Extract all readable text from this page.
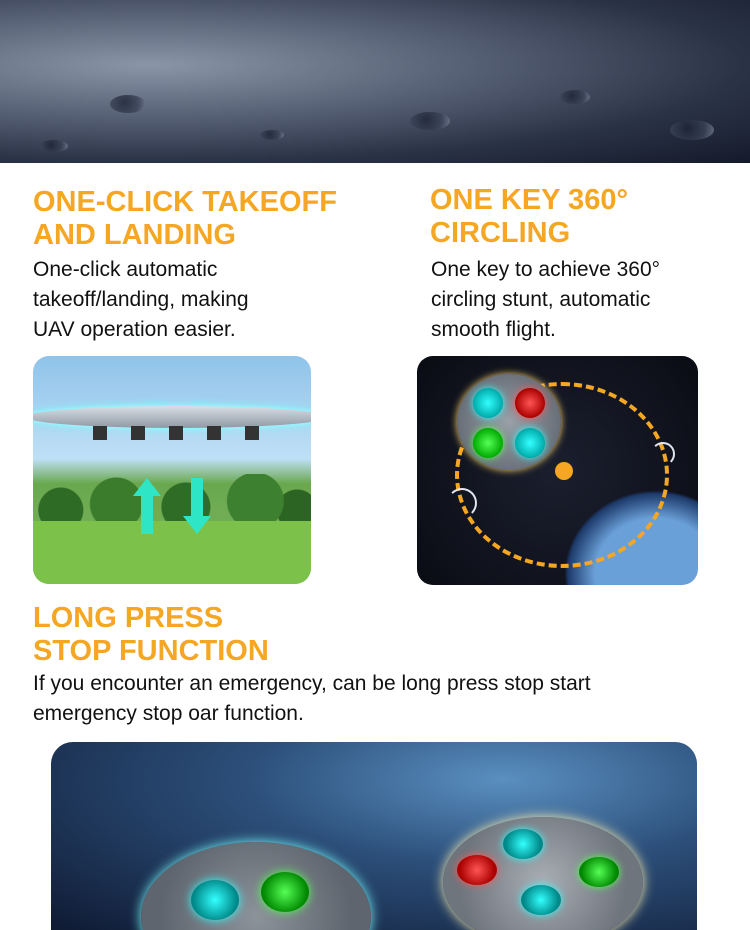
ONE-CLICK TAKEOFF
AND LANDING

One-click automatic
takeoff/landing, making
UAV operation easier.

ONE KEY 360°
CIRCLING

One key to achieve 360°
circling stunt, automatic
smooth flight.

LONG PRESS
STOP FUNCTION

If you encounter an emergency, can be long press stop start
emergency stop oar function.
